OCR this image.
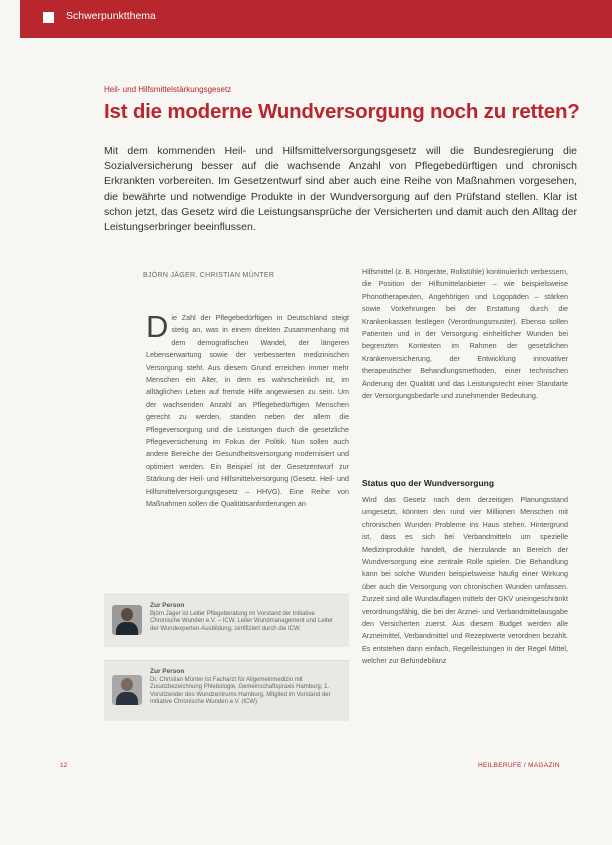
Schwerpunktthema
Heil- und Hilfsmittelstärkungsgesetz
Ist die moderne Wundversorgung noch zu retten?
Mit dem kommenden Heil- und Hilfsmittelversorgungsgesetz will die Bundesregierung die Sozialversicherung besser auf die wachsende Anzahl von Pflegebedürftigen und chronisch Erkrankten vorbereiten. Im Gesetzentwurf sind aber auch eine Reihe von Maßnahmen vorgesehen, die bewährte und notwendige Produkte in der Wundversorgung auf den Prüfstand stellen. Klar ist schon jetzt, das Gesetz wird die Leistungsansprüche der Versicherten und damit auch den Alltag der Leistungserbringer beeinflussen.
BJÖRN JÄGER, CHRISTIAN MÜNTER
Die Zahl der Pflegebedürftigen in Deutschland steigt stetig an, was in einem direkten Zusammenhang mit dem demografischen Wandel, der längeren Lebenserwartung sowie der verbesserten medizinischen Versorgung steht. Aus diesem Grund erreichen immer mehr Menschen ein Alter, in dem es wahrscheinlich ist, im alltäglichen Leben auf fremde Hilfe angewiesen zu sein. Um der wachsenden Anzahl an Pflegebedürftigen Menschen gerecht zu werden, standen neben der allem die Pflegeversorgung und die Leistungen durch die gesetzliche Pflegeversicherung im Fokus der Politik. Nun sollen auch andere Bereiche der Gesundheitsversorgung modernisiert und optimiert werden. Ein Beispiel ist der Gesetzentwurf zur Stärkung der Heil- und Hilfsmittelversorgung (Gesetz. Heil- und Hilfsmittelversorgungsgesetz – HHVG). Eine Reihe von Maßnahmen sollen die Qualitätsanforderungen an
Hilfsmittel (z. B. Hörgeräte, Rollstühle) kontinuierlich verbessern, die Position der Hilfsmittelanbieter – wie beispielsweise Phonotherapeuten, Angehörigen und Logopäden – stärken sowie Vorkehrungen bei der Erstattung durch die Krankenkassen festlegen (Verordnungsmuster). Ebenso sollen Patienten und in der Versorgung einheitlicher Wunden bei begrenzten Kontexten im Rahmen der gesetzlichen Krankenversicherung, der Entwicklung innovativer therapeutischer Behandlungsmethoden, einer technischen Änderung der Qualität und das Leistungsrecht einer Standarte der Versorgungsbedarfe und zunehmender Bedeutung.
Status quo der Wundversorgung
Wird das Gesetz nach dem derzeitigen Planungsstand umgesetzt, könnten den rund vier Millionen Menschen mit chronischen Wunden Probleme ins Haus stehen. Hintergrund ist, dass es sich bei Verbandmitteln um spezielle Medizinprodukte handelt, die hierzulande an Bereich der Wundversorgung eine zentrale Rolle spielen. Die Behandlung kann bei solche Wunden beispielsweise häufig einer Wirkung über auch die Versorgung von chronischen Wunden umfassen. Zurzeit sind alle Wundauflagen mittels der GKV uneingeschränkt verordnungsfähig, die bei der Arznei- und Verbandmittelausgabe den Versicherten zuerst. Aus diesem Budget werden alle Arzneimittel, Verbandmittel und Rezeptwerte verordnen bezahlt. Es entstehen dann einfach, Regelleistungen in der Regel Mittel, welcher zur Befundebilanz
Zur Person
Björn Jäger ist Leiter Pflegeberatung im Vorstand der Initiative Chronische Wunden e.V. – ICW, Leiter Wundmanagement und Leiter der Wundexperten-Ausbildung, zertifiziert durch die ICW.
Zur Person
Dr. Christian Münter ist Facharzt für Allgemeinmedizin mit Zusatzbezeichnung Phlebologie, Gemeinschaftspraxis Hamburg; 1. Vorsitzender des Wundzentrums Hamburg, Mitglied im Vorstand der Initiative Chronische Wunden e.V. (ICW).
12	HEILBERUFE / MAGAZIN
